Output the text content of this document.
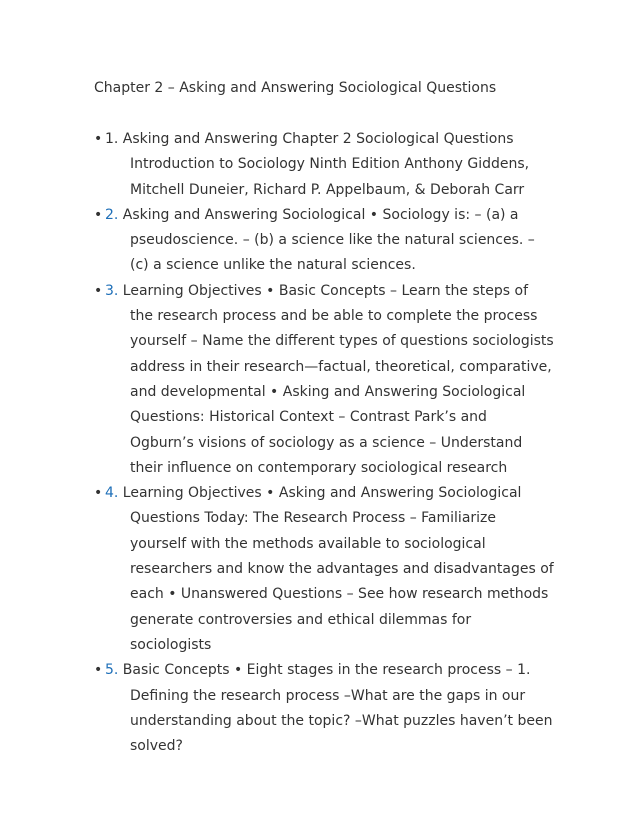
Chapter 2 – Asking and Answering Sociological Questions
• 1. Asking and Answering Chapter 2 Sociological Questions Introduction to Sociology Ninth Edition Anthony Giddens, Mitchell Duneier, Richard P. Appelbaum, & Deborah Carr
• 2. Asking and Answering Sociological • Sociology is: – (a) a pseudoscience. – (b) a science like the natural sciences. – (c) a science unlike the natural sciences.
• 3. Learning Objectives • Basic Concepts – Learn the steps of the research process and be able to complete the process yourself – Name the different types of questions sociologists address in their research—factual, theoretical, comparative, and developmental • Asking and Answering Sociological Questions: Historical Context – Contrast Park’s and Ogburn’s visions of sociology as a science – Understand their influence on contemporary sociological research
• 4. Learning Objectives • Asking and Answering Sociological Questions Today: The Research Process – Familiarize yourself with the methods available to sociological researchers and know the advantages and disadvantages of each • Unanswered Questions – See how research methods generate controversies and ethical dilemmas for sociologists
• 5. Basic Concepts • Eight stages in the research process – 1. Defining the research process –What are the gaps in our understanding about the topic? –What puzzles haven’t been solved?
